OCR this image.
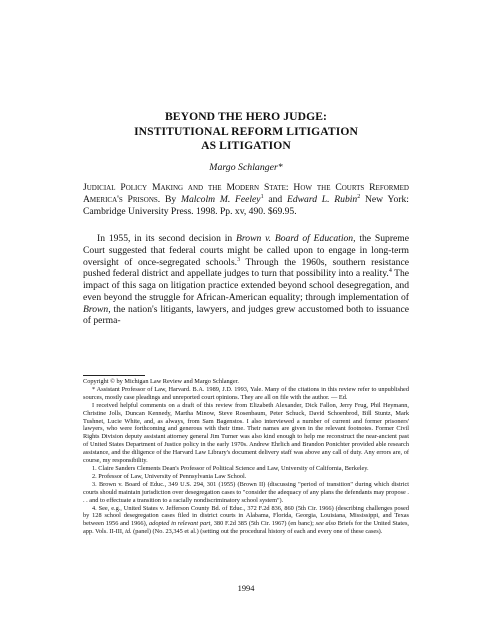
BEYOND THE HERO JUDGE:
INSTITUTIONAL REFORM LITIGATION
AS LITIGATION
Margo Schlanger*
Judicial Policy Making and the Modern State: How the Courts Reformed America's Prisons. By Malcolm M. Feeley$^1$ and Edward L. Rubin$^2$ New York: Cambridge University Press. 1998. Pp. xv, 490. $69.95.

In 1955, in its second decision in Brown v. Board of Education, the Supreme Court suggested that federal courts might be called upon to engage in long-term oversight of once-segregated schools.$^3$ Through the 1960s, southern resistance pushed federal district and appellate judges to turn that possibility into a reality.$^4$ The impact of this saga on litigation practice extended beyond school desegregation, and even beyond the struggle for African-American equality; through implementation of Brown, the nation's litigants, lawyers, and judges grew accustomed both to issuance of perma-

Copyright © by Michigan Law Review and Margo Schlanger.

* Assistant Professor of Law, Harvard. B.A. 1989, J.D. 1993, Yale. Many of the citations in this review refer to unpublished sources, mostly case pleadings and unreported court opinions. They are all on file with the author. — Ed.

I received helpful comments on a draft of this review from Elizabeth Alexander, Dick Fallon, Jerry Frug, Phil Heymann, Christine Jolls, Duncan Kennedy, Martha Minow, Steve Rosenbaum, Peter Schuck, David Schoenbrod, Bill Stuntz, Mark Tushnet, Lucie White, and, as always, from Sam Bagenstos. I also interviewed a number of current and former prisoners' lawyers, who were forthcoming and generous with their time. Their names are given in the relevant footnotes. Former Civil Rights Division deputy assistant attorney general Jim Turner was also kind enough to help me reconstruct the near-ancient past of United States Department of Justice policy in the early 1970s. Andrew Ehrlich and Brandon Ponichter provided able research assistance, and the diligence of the Harvard Law Library's document delivery staff was above any call of duty. Any errors are, of course, my responsibility.

1. Claire Sanders Clements Dean's Professor of Political Science and Law, University of California, Berkeley.

2. Professor of Law, University of Pennsylvania Law School.

3. Brown v. Board of Educ., 349 U.S. 294, 301 (1955) (Brown II) (discussing "period of transition" during which district courts should maintain jurisdiction over desegregation cases to "consider the adequacy of any plans the defendants may propose . . . and to effectuate a transition to a racially nondiscriminatory school system").

4. See, e.g., United States v. Jefferson County Bd. of Educ., 372 F.2d 836, 860 (5th Cir. 1966) (describing challenges posed by 128 school desegregation cases filed in district courts in Alabama, Florida, Georgia, Louisiana, Mississippi, and Texas between 1956 and 1966), adopted in relevant part, 380 F.2d 385 (5th Cir. 1967) (en banc); see also Briefs for the United States, app. Vols. II-III, id. (panel) (No. 23,345 et al.) (setting out the procedural history of each and every one of these cases).

1994
